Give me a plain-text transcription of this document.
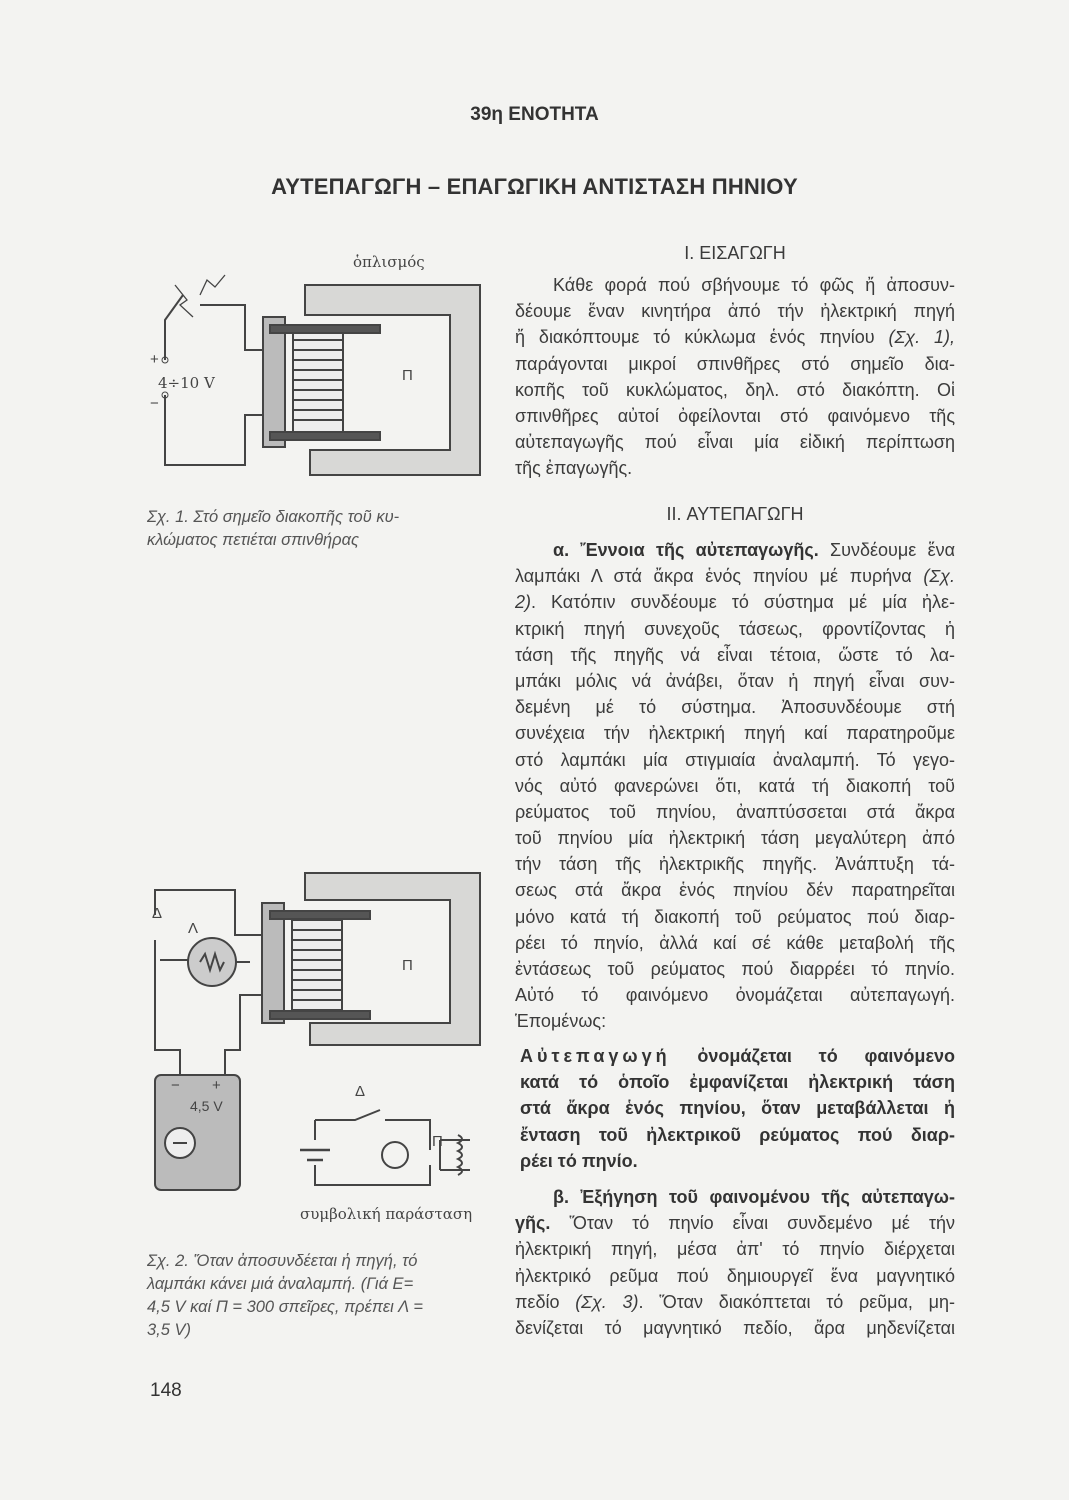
39η ΕΝΟΤΗΤΑ
ΑΥΤΕΠΑΓΩΓΗ – ΕΠΑΓΩΓΙΚΗ ΑΝΤΙΣΤΑΣΗ ΠΗΝΙΟΥ
I. ΕΙΣΑΓΩΓΗ
Κάθε φορά πού σβήνουμε τό φῶς ἤ ἀποσυν-
δέουμε ἕναν κινητήρα ἀπό τήν ἠλεκτρική πηγή
ἤ διακόπτουμε τό κύκλωμα ἑνός πηνίου (Σχ. 1),
παράγονται μικροί σπινθῆρες στό σημεῖο δια-
κοπῆς τοῦ κυκλώματος, δηλ. στό διακόπτη. Οἱ
σπινθῆρες αὐτοί ὀφείλονται στό φαινόμενο τῆς
αὐτεπαγωγῆς πού εἶναι μία εἰδική περίπτωση
τῆς ἐπαγωγῆς.
II. ΑΥΤΕΠΑΓΩΓΗ
α. Ἔννοια τῆς αὐτεπαγωγῆς. Συνδέουμε ἕνα
λαμπάκι Λ στά ἄκρα ἑνός πηνίου μέ πυρήνα (Σχ.
2). Κατόπιν συνδέουμε τό σύστημα μέ μία ἠλε-
κτρική πηγή συνεχοῦς τάσεως, φροντίζοντας ἡ
τάση τῆς πηγῆς νά εἶναι τέτοια, ὥστε τό λα-
μπάκι μόλις νά ἀνάβει, ὅταν ἡ πηγή εἶναι συν-
δεμένη μέ τό σύστημα. Ἀποσυνδέουμε στή
συνέχεια τήν ἠλεκτρική πηγή καί παρατηροῦμε
στό λαμπάκι μία στιγμιαία ἀναλαμπή. Τό γεγο-
νός αὐτό φανερώνει ὅτι, κατά τή διακοπή τοῦ
ρεύματος τοῦ πηνίου, ἀναπτύσσεται στά ἄκρα
τοῦ πηνίου μία ἠλεκτρική τάση μεγαλύτερη ἀπό
τήν τάση τῆς ἠλεκτρικῆς πηγῆς. Ἀνάπτυξη τά-
σεως στά ἄκρα ἑνός πηνίου δέν παρατηρεῖται
μόνο κατά τή διακοπή τοῦ ρεύματος πού διαρ-
ρέει τό πηνίο, ἀλλά καί σέ κάθε μεταβολή τῆς
ἐντάσεως τοῦ ρεύματος πού διαρρέει τό πηνίο.
Αὐτό τό φαινόμενο ὀνομάζεται αὐτεπαγωγή.
Ἑπομένως:
Αὐτεπαγωγή ὀνομάζεται τό φαινόμενο
κατά τό ὁποῖο ἐμφανίζεται ἠλεκτρική τάση
στά ἄκρα ἑνός πηνίου, ὅταν μεταβάλλεται ἡ
ἔνταση τοῦ ἠλεκτρικοῦ ρεύματος πού διαρ-
ρέει τό πηνίο.
β. Ἐξήγηση τοῦ φαινομένου τῆς αὐτεπαγω-
γῆς. Ὅταν τό πηνίο εἶναι συνδεμένο μέ τήν
ἠλεκτρική πηγή, μέσα ἀπ' τό πηνίο διέρχεται
ἠλεκτρικό ρεῦμα πού δημιουργεῖ ἕνα μαγνητικό
πεδίο (Σχ. 3). Ὅταν διακόπτεται τό ρεῦμα, μη-
δενίζεται τό μαγνητικό πεδίο, ἄρα μηδενίζεται
ὁπλισμός
+
4÷10 V
−
Π
Σχ. 1. Στό σημεῖο διακοπῆς τοῦ κυ-
κλώματος πετιέται σπινθήρας
Δ
Λ
Π
− +
4,5 V
Δ
Π
συμβολική παράσταση
Σχ. 2. Ὅταν ἀποσυνδέεται ἡ πηγή, τό
λαμπάκι κάνει μιά ἀναλαμπή. (Γιά Ε=
4,5 V καί Π = 300 σπεῖρες, πρέπει Λ =
3,5 V)
148
